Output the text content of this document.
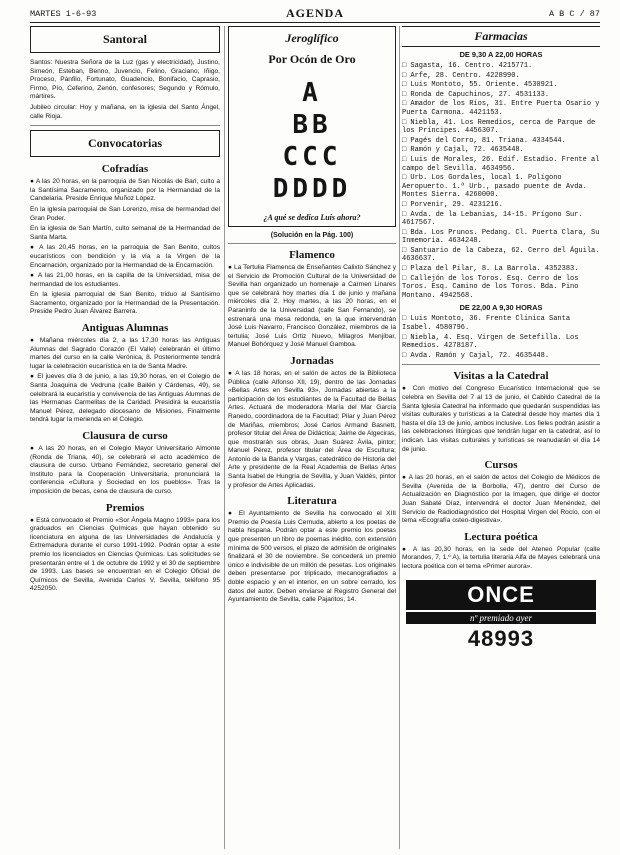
MARTES 1-6-93	AGENDA	A B C / 87
Santoral

Santos: Nuestra Señora de la Luz (gas y electricidad), Justino, Simeón, Esteban, Benno, Juvencio, Felino, Graciano, Iñigo, Proceso, Pánfilo, Fortunato, Guadencio, Bonifacio, Caprasio, Firmo, Pío, Ceferino, Zenón, confesores; Segundo y Rómulo, mártires.

Jubileo circular: Hoy y mañana, en la iglesia del Santo Ángel, calle Rioja.

Convocatorias
Cofradías

● A las 20 horas, en la parroquia de San Nicolás de Bari, culto a la Santísima Sacramento, organizado por la Hermandad de la Candelaria. Preside Enrique Muñoz López.

En la iglesia parroquial de San Lorenzo, misa de hermandad del Gran Poder.

En la iglesia de San Martín, culto semanal de la Hermandad de Santa Marta.

● A las 20,45 horas, en la parroquia de San Benito, cultos eucarísticos con bendición y la vía a la Virgen de la Encarnación, organizado por la Hermandad de la Encarnación.

● A las 21,00 horas, en la capilla de la Universidad, misa de hermandad de los estudiantes.

En la iglesia parroquial de San Benito, triduo al Santísimo Sacramento, organizado por la Hermandad de la Presentación. Preside Pedro Juan Álvarez Barrera.

Antiguas Alumnas

● Mañana miércoles día 2, a las 17,30 horas las Antiguas Alumnas del Sagrado Corazón (El Valle) celebrarán el último martes del curso en la calle Verónica, 8. Posteriormente tendrá lugar la celebración eucarística en la de Santa Madre.

● El jueves día 3 de junio, a las 19,30 horas, en el Colegio de Santa Joaquina de Vedruna (calle Bailén y Cárdenas, 49), se celebrará la eucaristía y convivencia de las Antiguas Alumnas de las Hermanas Carmelitas de la Caridad. Presidirá la eucaristía Manuel Pérez, delegado diocesano de Misiones. Finalmente tendrá lugar la merienda en el Colegio.

Clausura de curso

● A las 20 horas, en el Colegio Mayor Universitario Almonte (Ronda de Triana, 40), se celebrará el acto académico de clausura de curso. Urbano Fernández, secretario general del Instituto para la Cooperación Universitaria, pronunciará la conferencia «Cultura y Sociedad en los pueblos». Tras la imposición de becas, cena de clausura de curso.

Premios

● Está convocado el Premio «Sor Ángela Magno 1993» para los graduados en Ciencias Químicas que hayan obtenido su licenciatura en alguna de las Universidades de Andalucía y Extremadura durante el curso 1991-1992. Podrán optar a este premio los licenciados en Ciencias Químicas. Las solicitudes se presentarán entre el 1 de octubre de 1992 y el 30 de septiembre de 1993. Las bases se encuentran en el Colegio Oficial de Químicos de Sevilla, Avenida Carlos V, Sevilla, teléfono 95 4252050.

Jeroglífico
Por Ocón de Oro
A
BB
CCC
DDDD
¿A qué se dedica Luis ahora?
(Solución en la Pág. 100)
Flamenco

● La Tertulia Flamenca de Enseñantes Calixto Sánchez y el Servicio de Promoción Cultural de la Universidad de Sevilla han organizado un homenaje a Carmen Linares que se celebrará hoy martes día 1 de junio y mañana miércoles día 2. Hoy martes, a las 20 horas, en el Paraninfo de la Universidad (calle San Fernando), se estrenará una mesa redonda, en la que intervendrán José Luis Navarro, Francisco González, miembros de la tertulia; José Luis Ortiz Nuevo, Milagros Menjíbar, Manuel Bohórquez y José Manuel Gamboa.

Jornadas

● A las 18 horas, en el salón de actos de la Biblioteca Pública (calle Alfonso XII, 19), dentro de las Jornadas «Bellas Artes en Sevilla 93», Jornadas abiertas a la participación de los estudiantes de la Facultad de Bellas Artes. Actuará de moderadora María del Mar García Ranedo, coordinadora de la Facultad; Pilar y Juan Pérez de Mariñas, miembros; José Carlos Armand Basnett, profesor titular del Área de Didáctica; Jaime de Algeciras, que mostrarán sus obras, Juan Suárez Ávila, pintor; Manuel Pérez, profesor titular del Área de Escultura; Antonio de la Banda y Vargas, catedrático de Historia del Arte y presidente de la Real Academia de Bellas Artes Santa Isabel de Hungría de Sevilla, y Juan Valdés, pintor y profesor de Artes Aplicadas.

Literatura

● El Ayuntamiento de Sevilla ha convocado el XIII Premio de Poesía Luis Cernuda, abierto a los poetas de habla hispana. Podrán optar a este premio los poetas que presenten un libro de poemas inédito, con extensión mínima de 500 versos, el plazo de admisión de originales finalizará el 30 de noviembre. Se concederá un premio único e indivisible de un millón de pesetas. Los originales deben presentarse por triplicado, mecanografiados a doble espacio y en el interior, en un sobre cerrado, los datos del autor. Deben enviarse al Registro General del Ayuntamiento de Sevilla, calle Pajaritos, 14.

Farmacias
DE 9,30 A 22,00 HORAS
□ Sagasta, 16. Centro. 4215771.
□ Arfe, 28. Centro. 4228990.
□ Luis Montoto, 55. Oriente. 4530921.
□ Ronda de Capuchinos, 27. 4531133.
□ Amador de los Ríos, 31. Entre Puerta Osario y Puerta Carmona. 4421153.
□ Niebla, 41. Los Remedios, cerca de Parque de los Príncipes. 4456307.
□ Pagés del Corro, 81. Triana. 4334544.
□ Ramón y Cajal, 72. 4635448.
□ Luis de Morales, 26. Edif. Estadio. Frente al campo del Sevilla. 4634956.
□ Urb. Los Gordales, local 1. Polígono Aeropuerto. 1.ª Urb., pasado puente de Avda. Montes Sierra. 4260000.
□ Porvenir, 29. 4231216.
□ Avda. de la Lebanias, 14-15. Prígono Sur. 4617567.
□ Bda. Los Prunos. Pedang. Cl. Puerta Clara, Su Inmemoria. 4634248.
□ Santuario de la Cabeza, 62. Cerro del Águila. 4636637.
□ Plaza del Pilar, 8. La Barrola. 4352383.
□ Callejón de los Toros. Esq. Cerro de los Toros. Esq. Camino de los Toros. Bda. Pino Montano. 4942568.
DE 22,00 A 9,30 HORAS
□ Luis Montoto, 36. Frente Clínica Santa Isabel. 4580796.
□ Niebla, 4. Esq. Virgen de Setefilla. Los Remedios. 4278187.
□ Avda. Ramón y Cajal, 72. 4635448.
Visitas a la Catedral

● Con motivo del Congreso Eucarístico Internacional que se celebra en Sevilla del 7 al 13 de junio, el Cabildo Catedral de la Santa Iglesia Catedral ha informado que quedarán suspendidas las visitas culturales y turísticas a la Catedral desde hoy martes día 1 hasta el día 13 de junio, ambos inclusive. Los fieles podrán asistir a las celebraciones litúrgicas que tendrán lugar en la catedral, así lo indican. Las visitas culturales y turísticas se reanudarán el día 14 de junio.

Cursos

● A las 20 horas, en el salón de actos del Colegio de Médicos de Sevilla (Avenida de la Borbolla, 47), dentro del Curso de Actualización en Diagnóstico por la Imagen, que dirige el doctor Juan Sabaté Díaz, intervendrá el doctor Juan Menéndez, del Servicio de Radiodiagnóstico del Hospital Virgen del Rocío, con el tema «Ecografía osteo-digestiva».

Lectura poética

● A las 20,30 horas, en la sede del Ateneo Popular (calle Morandes, 7, 1.º A), la tertulia literaria Alfa de Mayes celebrará una lectura poética con el tema «Primer aurora».

ONCE
nº premiado ayer
48993
